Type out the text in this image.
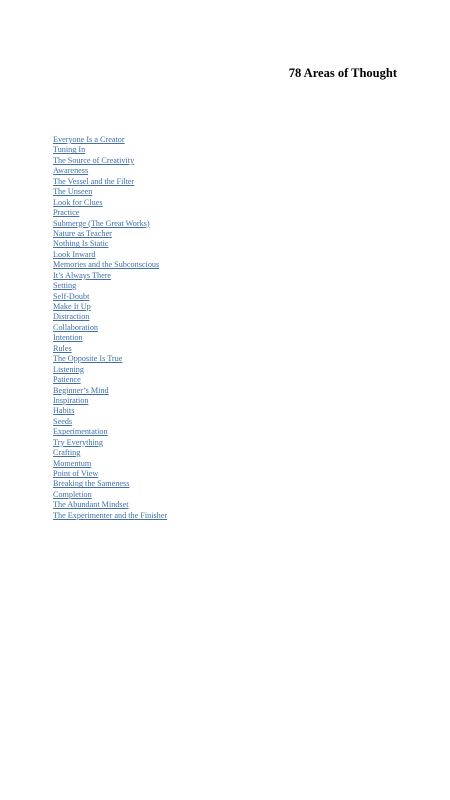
78 Areas of Thought
Everyone Is a Creator
Tuning In
The Source of Creativity
Awareness
The Vessel and the Filter
The Unseen
Look for Clues
Practice
Submerge (The Great Works)
Nature as Teacher
Nothing Is Static
Look Inward
Memories and the Subconscious
It’s Always There
Setting
Self-Doubt
Make It Up
Distraction
Collaboration
Intention
Rules
The Opposite Is True
Listening
Patience
Beginner’s Mind
Inspiration
Habits
Seeds
Experimentation
Try Everything
Crafting
Momentum
Point of View
Breaking the Sameness
Completion
The Abundant Mindset
The Experimenter and the Finisher
